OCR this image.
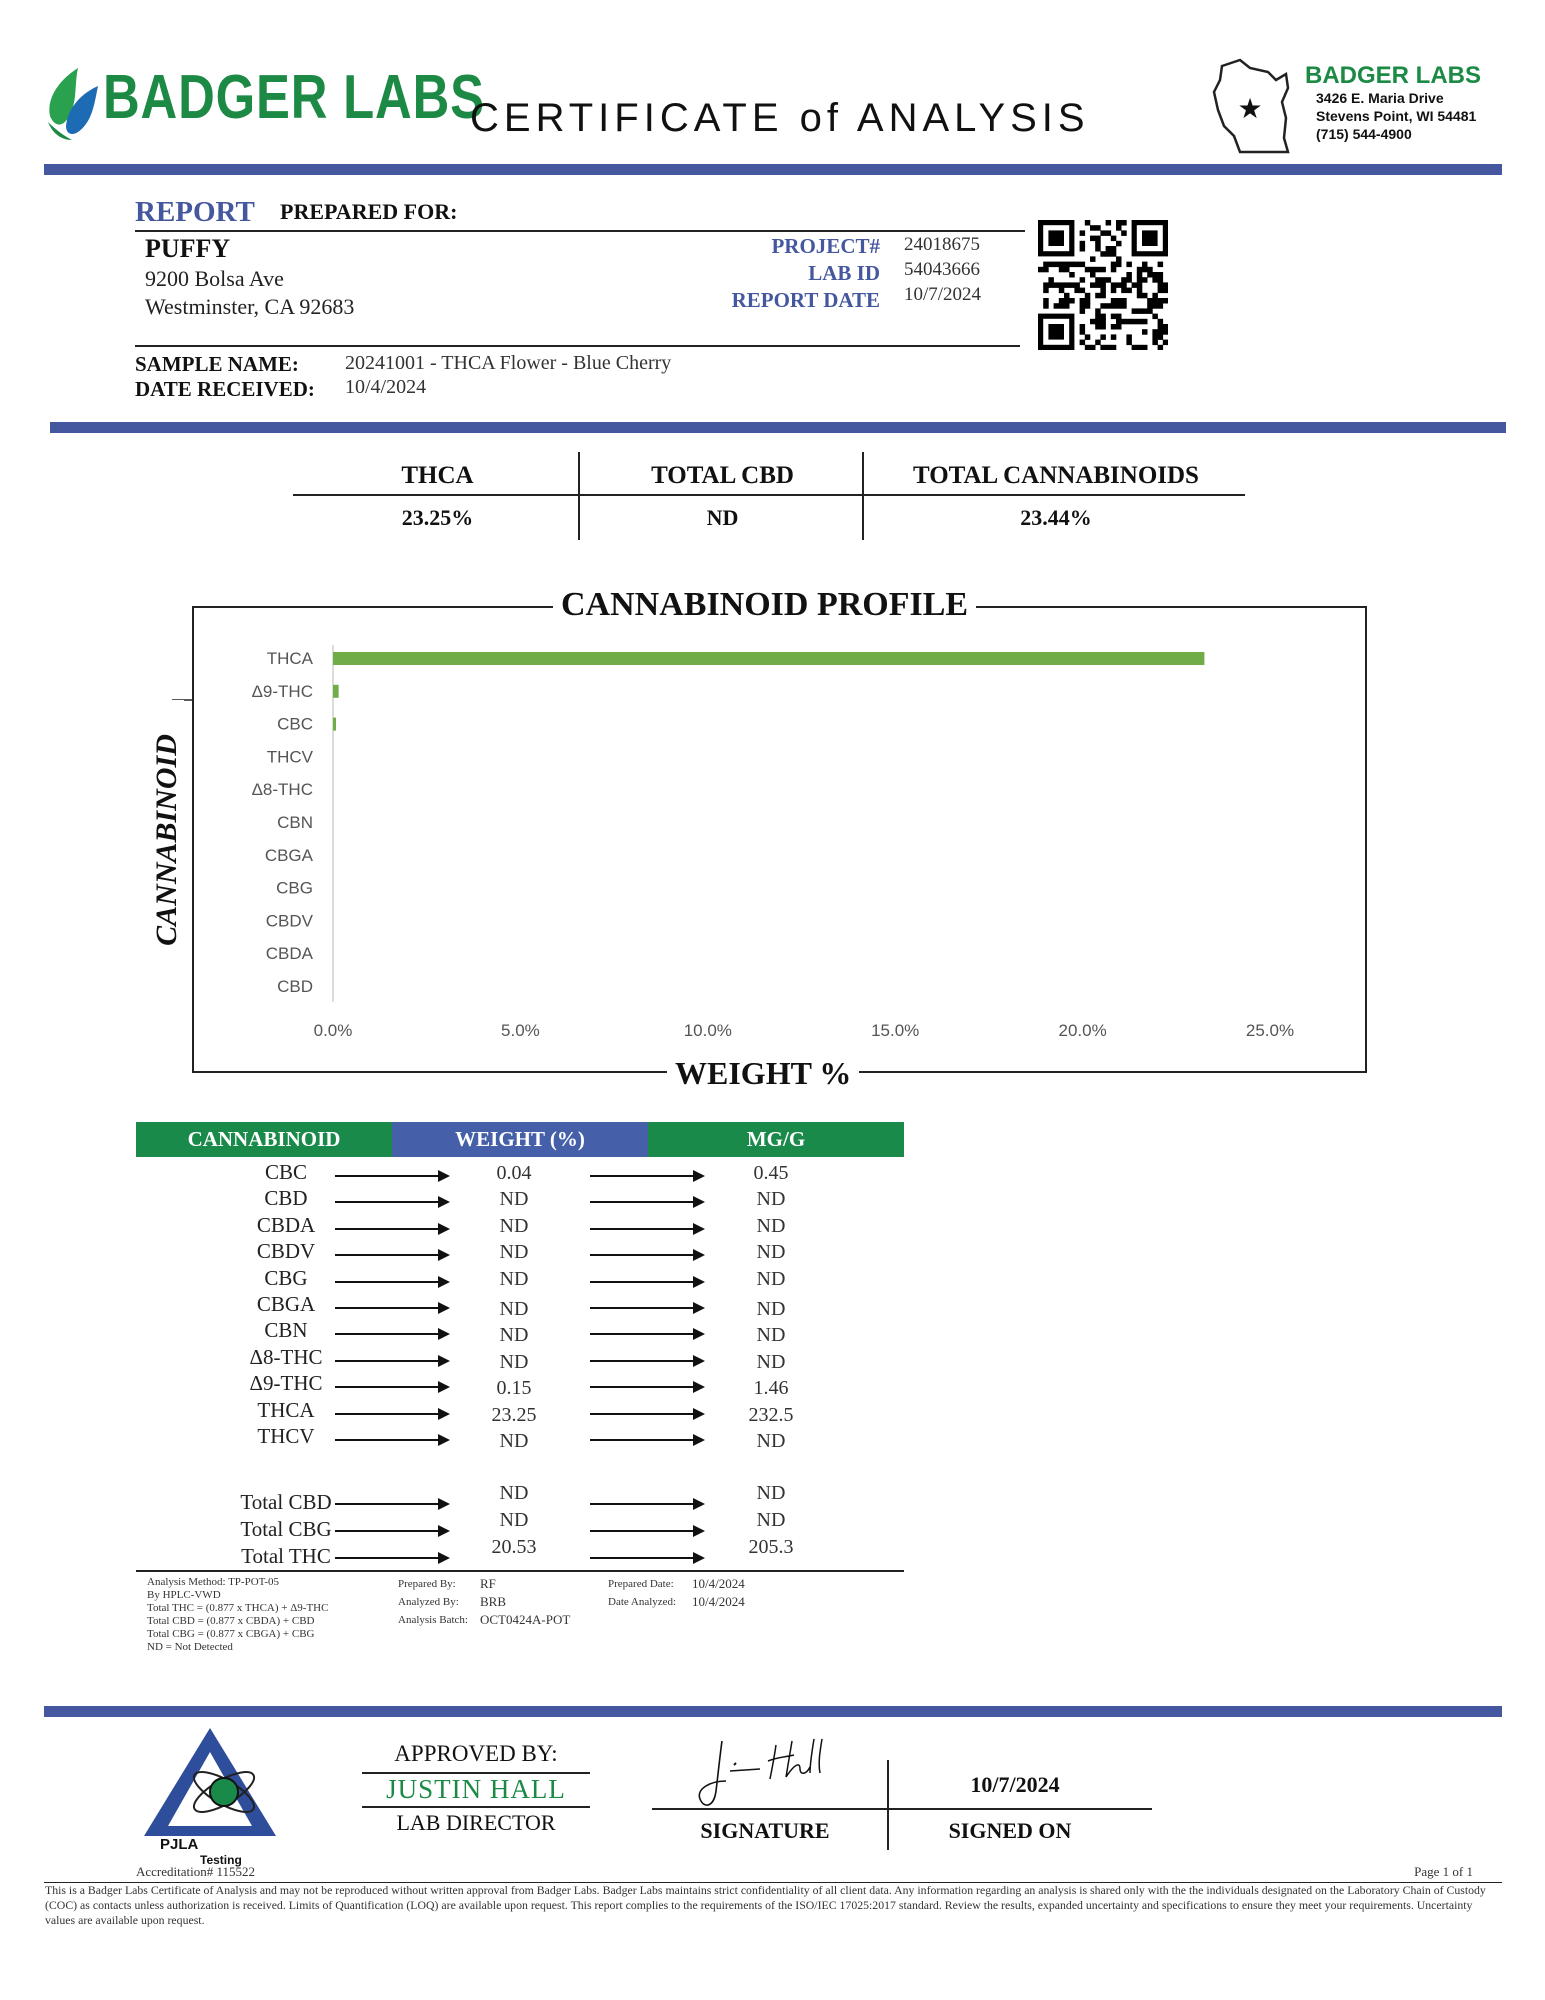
BADGER LABS
CERTIFICATE of ANALYSIS	★
BADGER LABS
3426 E. Maria Drive
Stevens Point, WI 54481
(715) 544-4900
REPORT PREPARED FOR:
PUFFY
9200 Bolsa Ave
Westminster, CA 92683
PROJECT# 24018675
LAB ID 54043666
REPORT DATE 10/7/2024
SAMPLE NAME: 20241001 - THCA Flower - Blue Cherry
DATE RECEIVED: 10/4/2024
THCA	TOTAL CBD	TOTAL CANNABINOIDS
23.25%	ND	23.44%
THCA
Δ9-THC
CBC
THCV
Δ8-THC
CBN
CBGA
CBG
CBDV
CBDA
CBD
0.0%	5.0%	10.0%	15.0%	20.0%	25.0%
CANNABINOID PROFILE
WEIGHT %
CANNABINOID
CANNABINOID	WEIGHT (%)	MG/G
CBC	0.04	0.45
CBD	ND	ND
CBDA	ND	ND
CBDV	ND	ND
CBG	ND	ND
CBGA	ND	ND
CBN	ND	ND
Δ8-THC	ND	ND
Δ9-THC	0.15	1.46
THCA	23.25	232.5
THCV	ND	ND
Total CBD	ND	ND
Total CBG	ND	ND
Total THC	20.53	205.3
Analysis Method: TP-POT-05
By HPLC-VWD
Total THC = (0.877 x THCA) + Δ9-THC
Total CBD = (0.877 x CBDA) + CBD
Total CBG = (0.877 x CBGA) + CBG
ND = Not Detected
Prepared By: RF
Analyzed By: BRB
Analysis Batch: OCT0424A-POT
Prepared Date: 10/4/2024
Date Analyzed: 10/4/2024
PJLA
Testing
Accreditation# 115522
APPROVED BY:
JUSTIN HALL
LAB DIRECTOR
10/7/2024
SIGNATURE	SIGNED ON
Page 1 of 1
This is a Badger Labs Certificate of Analysis and may not be reproduced without written approval from Badger Labs. Badger Labs maintains strict confidentiality of all client data. Any information regarding an analysis is shared only with the the individuals designated on the Laboratory Chain of Custody (COC) as contacts unless authorization is received. Limits of Quantification (LOQ) are available upon request. This report complies to the requirements of the ISO/IEC 17025:2017 standard. Review the results, expanded uncertainty and specifications to ensure they meet your requirements. Uncertainty values are available upon request.
